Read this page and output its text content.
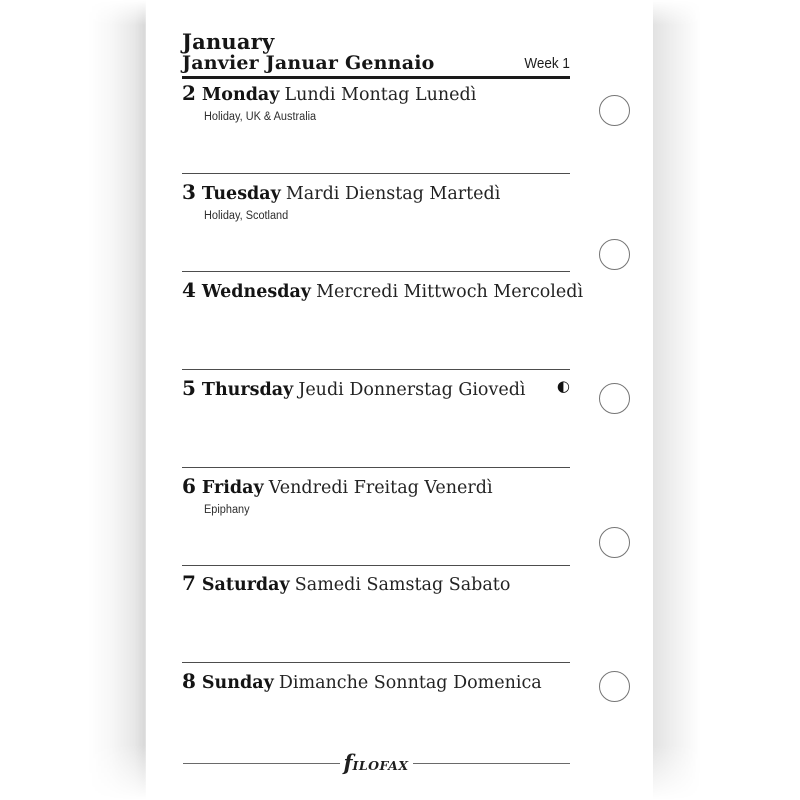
January
Janvier Januar Gennaio	Week 1
2 Monday Lundi Montag Lunedì
Holiday, UK & Australia
3 Tuesday Mardi Dienstag Martedì
Holiday, Scotland
4 Wednesday Mercredi Mittwoch Mercoledì
5 Thursday Jeudi Donnerstag Giovedì	◐
6 Friday Vendredi Freitag Venerdì
Epiphany
7 Saturday Samedi Samstag Sabato
8 Sunday Dimanche Sonntag Domenica
fILOFAX
